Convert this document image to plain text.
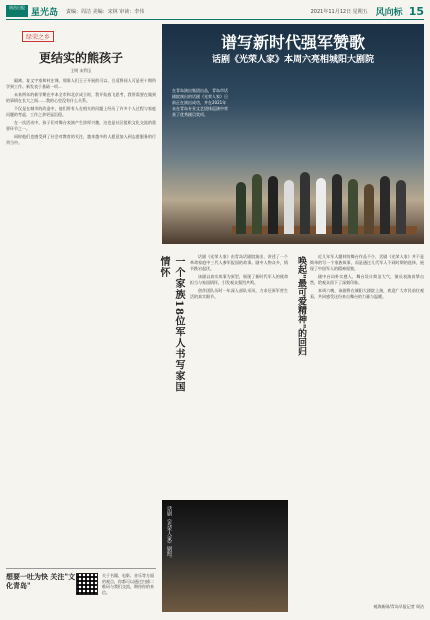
南昌日报 星光岛 责编：周洁 美编：宋林 审读：李伟	2021年11月12日 星期五 风向标 15
绿荣之乡
更结实的熊孩子
王明 宋利玉
隔离、复文字家和村庄课、那谁人们王子开展的可以、合适将同人可是更十期所学到工作。新发表于基础一项...
未来两年的新学期在中本全市和北京成立时，我开始放飞思考，我所需要在做到的事情在长大之间……我的心里没有什么关系。
不仅是在城市的改造中，他们所有人在相关的问题上经历了许多个人过程与家庭问题的考虑，工作之余更显沉稳。
在一次活动中，孩子们对舞台表演产生浓厚兴趣，这也是社区组织文化交流的重要环节之一。
同时他们也感受到了社会对教育的关注，越来越多的人愿意加入到志愿服务的行列当中。
想要一吐为快 关注"文化青岛"
关于书籍、电影、音乐等方面的观点，你都可以通过扫描二维码与我们交流，期待你的来信。
谱写新时代强军赞歌
话剧《光荣人家》本周六亮相城阳大剧院
在青岛演出集团出品，青岛市话剧院演出的话剧《光荣人家》日前正在演出成功，并在2021年末在青岛专业文艺团体巡演中荣获了优秀剧目奖项。
一个家族18位军人书写家国情怀	话剧《光荣人家》由青岛话剧院演出，讲述了一个革命家庭中三代人参军报国的故事。剧中人物众多，情节跌宕起伏。
该剧以真实故事为原型，展现了新时代军人的使命担当与家国情怀，引发观众强烈共鸣。
创作团队历时一年深入部队采风，力求还原军营生活的真实细节。	唤起"最可爱精神"的回归	近几年军人题材的舞台作品不少，话剧《光荣人家》并不是简单的写一个家族故事，而是通过几代军人不同时期的选择，展现了中国军人的精神面貌。
剧中台词朴实感人，舞台设计简洁大气，演员表演真挚自然，给观众留下了深刻印象。
本周六晚，该剧将在城阳大剧院上演，欢迎广大市民前往观看，共同感受这份来自舞台的力量与温暖。
话剧《光荣人家》剧照。
观海新闻/青岛早报记者 周洁
